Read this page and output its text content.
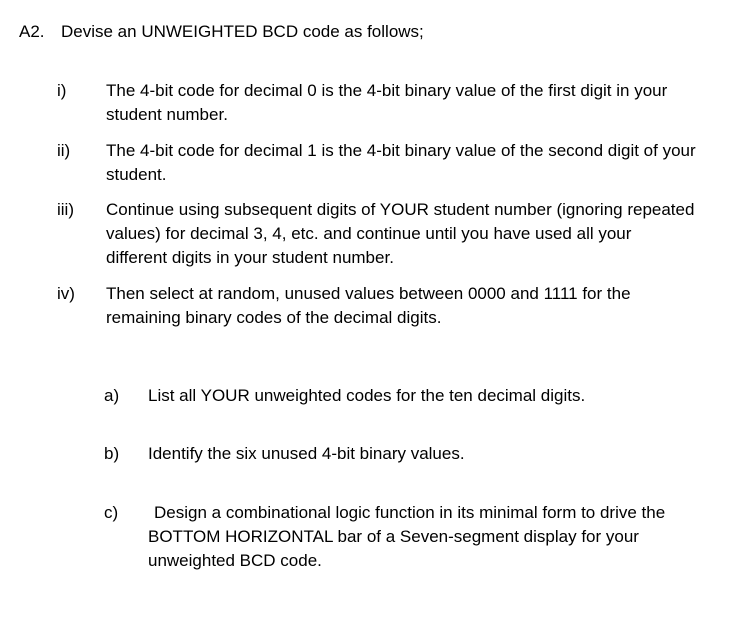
A2. Devise an UNWEIGHTED BCD code as follows;
i) The 4-bit code for decimal 0 is the 4-bit binary value of the first digit in your student number.
ii) The 4-bit code for decimal 1 is the 4-bit binary value of the second digit of your student.
iii) Continue using subsequent digits of YOUR student number (ignoring repeated values) for decimal 3, 4, etc. and continue until you have used all your different digits in your student number.
iv) Then select at random, unused values between 0000 and 1111 for the remaining binary codes of the decimal digits.
a) List all YOUR unweighted codes for the ten decimal digits.
b) Identify the six unused 4-bit binary values.
c)	Design a combinational logic function in its minimal form to drive the BOTTOM HORIZONTAL bar of a Seven-segment display for your unweighted BCD code.
